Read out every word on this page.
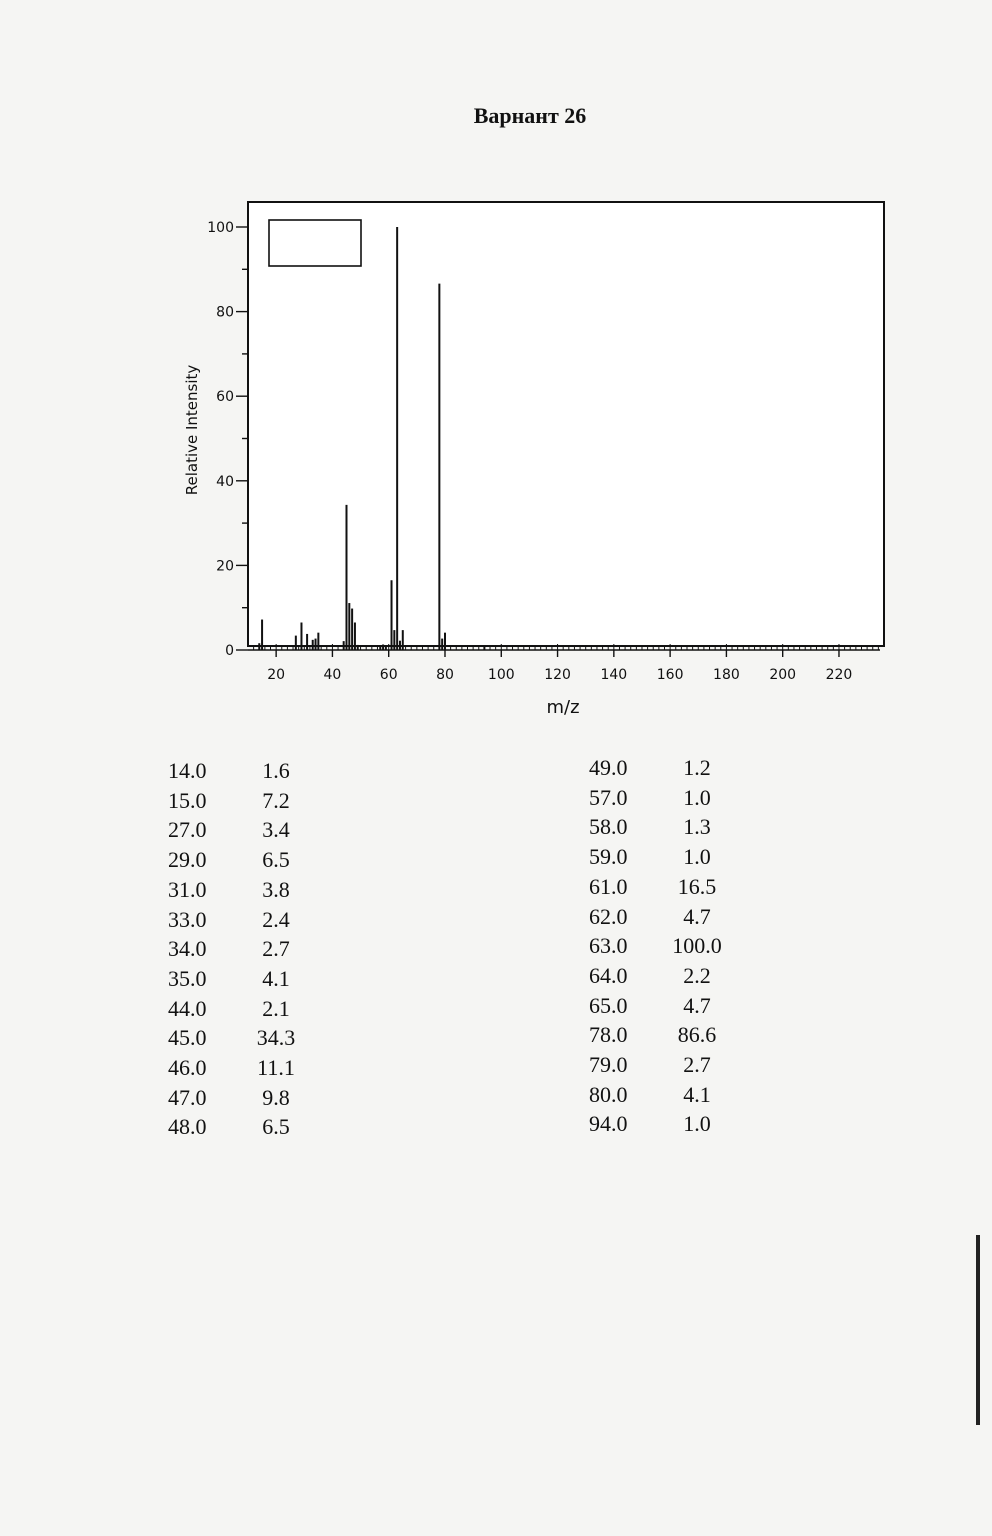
Варнант 26
20	40	60	80 100 120 140 160 180 200 220
0
20
40
60
80
100
m/z
Relative Intensity
14.0	1.6
15.0	7.2
27.0	3.4
29.0	6.5
31.0	3.8
33.0	2.4
34.0	2.7
35.0	4.1
44.0	2.1
45.0	34.3
46.0	11.1
47.0	9.8
48.0	6.5
49.0	1.2
57.0	1.0
58.0	1.3
59.0	1.0
61.0	16.5
62.0	4.7
63.0	100.0
64.0	2.2
65.0	4.7
78.0	86.6
79.0	2.7
80.0	4.1
94.0	1.0
